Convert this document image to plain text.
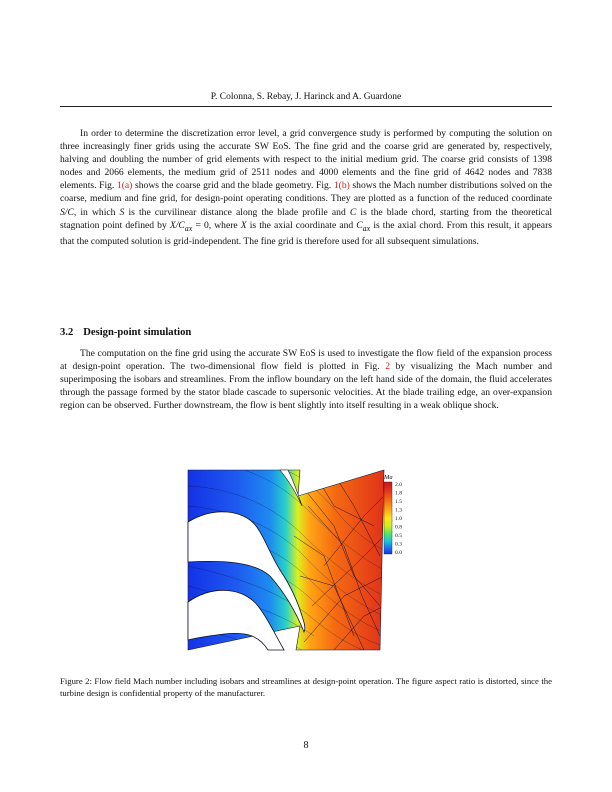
P. Colonna, S. Rebay, J. Harinck and A. Guardone

In order to determine the discretization error level, a grid convergence study is performed by computing the solution on three increasingly finer grids using the accurate SW EoS. The fine grid and the coarse grid are generated by, respectively, halving and doubling the number of grid elements with respect to the initial medium grid. The coarse grid consists of 1398 nodes and 2066 elements, the medium grid of 2511 nodes and 4000 elements and the fine grid of 4642 nodes and 7838 elements. Fig. 1(a) shows the coarse grid and the blade geometry. Fig. 1(b) shows the Mach number distributions solved on the coarse, medium and fine grid, for design-point operating conditions. They are plotted as a function of the reduced coordinate S/C, in which S is the curvilinear distance along the blade profile and C is the blade chord, starting from the theoretical stagnation point defined by $X/C_{ax} = 0$, where X is the axial coordinate and $C_{ax}$ is the axial chord. From this result, it appears that the computed solution is grid-independent. The fine grid is therefore used for all subsequent simulations.

3.2 Design-point simulation

The computation on the fine grid using the accurate SW EoS is used to investigate the flow field of the expansion process at design-point operation. The two-dimensional flow field is plotted in Fig. 2 by visualizing the Mach number and superimposing the isobars and streamlines. From the inflow boundary on the left hand side of the domain, the fluid accelerates through the passage formed by the stator blade cascade to supersonic velocities. At the blade trailing edge, an over-expansion region can be observed. Further downstream, the flow is bent slightly into itself resulting in a weak oblique shock.

Ma
2.0
1.8
1.5
1.3
1.0
0.8
0.5
0.3
0.0

Figure 2: Flow field Mach number including isobars and streamlines at design-point operation. The figure aspect ratio is distorted, since the turbine design is confidential property of the manufacturer.

8
